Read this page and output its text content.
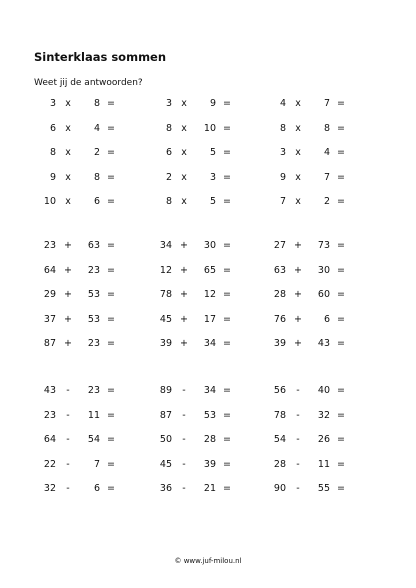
Sinterklaas sommen
Weet jij de antwoorden?
3 x	8 =	3 x	9 =	4 x	7 =
6 x	4 =	8 x	10 =	8 x	8 =
8 x	2 =	6 x	5 =	3 x	4 =
9 x	8 =	2 x	3 =	9 x	7 =
10 x	6 =	8 x	5 =	7 x	2 =
23 +	63 =	34 +	30 =	27 +	73 =
64 +	23 =	12 +	65 =	63 +	30 =
29 +	53 =	78 +	12 =	28 +	60 =
37 +	53 =	45 +	17 =	76 +	6 =
87 +	23 =	39 +	34 =	39 +	43 =
43	-	23 =	89	-	34 =	56	-	40 =
23	-	11 =	87	-	53 =	78	-	32 =
64	-	54 =	50	-	28 =	54	-	26 =
22	-	7 =	45	-	39 =	28	-	11 =
32	-	6 =	36	-	21 =	90	-	55 =
© www.juf-milou.nl
